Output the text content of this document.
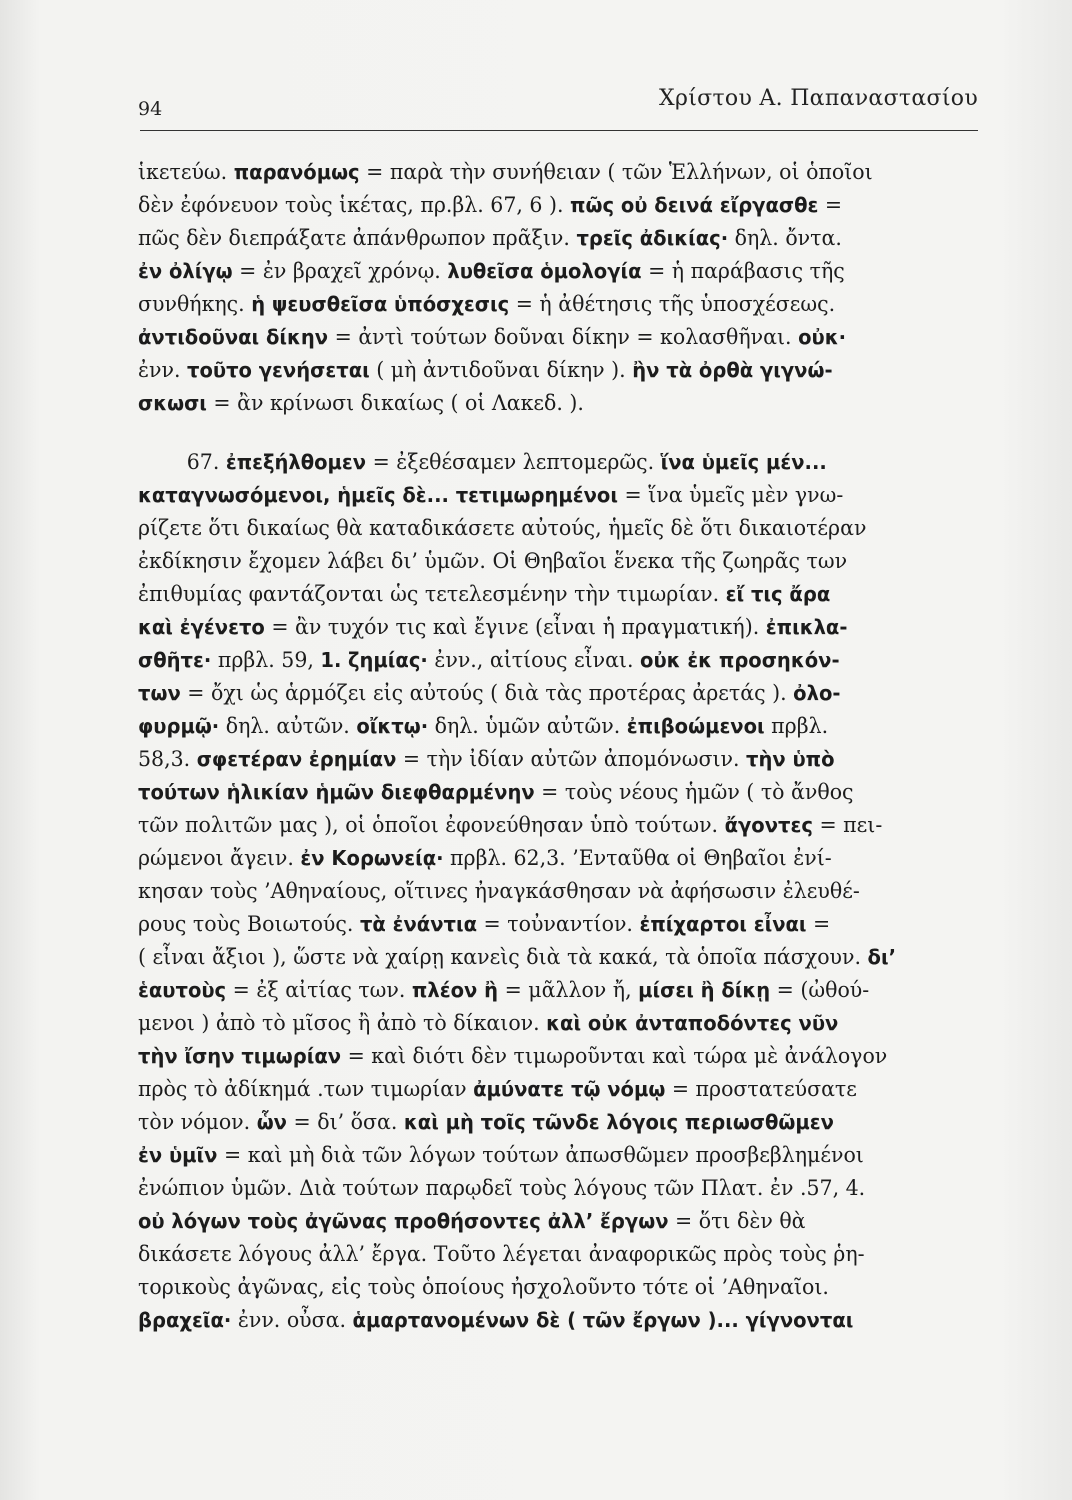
94	Χρίστου Α. Παπαναστασίου
ἱκετεύω. παρανόμως = παρὰ τὴν συνήθειαν ( τῶν Ἑλλήνων, οἱ ὁποῖοι
δὲν ἐφόνευον τοὺς ἱκέτας, πρ.βλ. 67, 6 ). πῶς οὐ δεινά εἴργασθε =
πῶς δὲν διεπράξατε ἀπάνθρωπον πρᾶξιν. τρεῖς ἀδικίας· δηλ. ὄντα.
ἐν ὀλίγῳ = ἐν βραχεῖ χρόνῳ. λυθεῖσα ὁμολογία = ἡ παράβασις τῆς
συνθήκης. ἡ ψευσθεῖσα ὑπόσχεσις = ἡ ἀθέτησις τῆς ὑποσχέσεως.
ἀντιδοῦναι δίκην = ἀντὶ τούτων δοῦναι δίκην = κολασθῆναι. οὐκ·
ἐνν. τοῦτο γενήσεται ( μὴ ἀντιδοῦναι δίκην ). ἢν τὰ ὀρθὰ γιγνώ-
σκωσι = ἂν κρίνωσι δικαίως ( οἱ Λακεδ. ).
67. ἐπεξήλθομεν = ἐξεθέσαμεν λεπτομερῶς. ἵνα ὑμεῖς μέν...
καταγνωσόμενοι, ἡμεῖς δὲ... τετιμωρημένοι = ἵνα ὑμεῖς μὲν γνω-
ρίζετε ὅτι δικαίως θὰ καταδικάσετε αὐτούς, ἡμεῖς δὲ ὅτι δικαιοτέραν
ἐκδίκησιν ἔχομεν λάβει δι’ ὑμῶν. Οἱ Θηβαῖοι ἕνεκα τῆς ζωηρᾶς των
ἐπιθυμίας φαντάζονται ὡς τετελεσμένην τὴν τιμωρίαν. εἴ τις ἄρα
καὶ ἐγένετο = ἂν τυχόν τις καὶ ἔγινε (εἶναι ἡ πραγματική). ἐπικλα-
σθῆτε· πρβλ. 59, 1. ζημίας· ἐνν., αἰτίους εἶναι. οὐκ ἐκ προσηκόν-
των = ὄχι ὡς ἁρμόζει εἰς αὐτούς ( διὰ τὰς προτέρας ἀρετάς ). ὀλο-
φυρμῷ· δηλ. αὐτῶν. οἴκτῳ· δηλ. ὑμῶν αὐτῶν. ἐπιβοώμενοι πρβλ.
58,3. σφετέραν ἐρημίαν = τὴν ἰδίαν αὐτῶν ἀπομόνωσιν. τὴν ὑπὸ
τούτων ἡλικίαν ἡμῶν διεφθαρμένην = τοὺς νέους ἡμῶν ( τὸ ἄνθος
τῶν πολιτῶν μας ), οἱ ὁποῖοι ἐφονεύθησαν ὑπὸ τούτων. ἄγοντες = πει-
ρώμενοι ἄγειν. ἐν Κορωνείᾳ· πρβλ. 62,3. ’Ενταῦθα οἱ Θηβαῖοι ἐνί-
κησαν τοὺς ’Αθηναίους, οἵτινες ἠναγκάσθησαν νὰ ἀφήσωσιν ἐλευθέ-
ρους τοὺς Βοιωτούς. τὰ ἐνάντια = τοὐναντίον. ἐπίχαρτοι εἶναι =
( εἶναι ἄξιοι ), ὥστε νὰ χαίρῃ κανεὶς διὰ τὰ κακά, τὰ ὁποῖα πάσχουν. δι’
ἑαυτοὺς = ἐξ αἰτίας των. πλέον ἢ = μᾶλλον ἤ, μίσει ἢ δίκῃ = (ὠθού-
μενοι ) ἀπὸ τὸ μῖσος ἢ ἀπὸ τὸ δίκαιον. καὶ οὐκ ἀνταποδόντες νῦν
τὴν ἴσην τιμωρίαν = καὶ διότι δὲν τιμωροῦνται καὶ τώρα μὲ ἀνάλογον
πρὸς τὸ ἀδίκημά .των τιμωρίαν ἀμύνατε τῷ νόμῳ = προστατεύσατε
τὸν νόμον. ὧν = δι’ ὅσα. καὶ μὴ τοῖς τῶνδε λόγοις περιωσθῶμεν
ἐν ὑμῖν = καὶ μὴ διὰ τῶν λόγων τούτων ἀπωσθῶμεν προσβεβλημένοι
ἐνώπιον ὑμῶν. Διὰ τούτων παρῳδεῖ τοὺς λόγους τῶν Πλατ. ἐν .57, 4.
οὐ λόγων τοὺς ἀγῶνας προθήσοντες ἀλλ’ ἔργων = ὅτι δὲν θὰ
δικάσετε λόγους ἀλλ’ ἔργα. Τοῦτο λέγεται ἀναφορικῶς πρὸς τοὺς ῥη-
τορικοὺς ἀγῶνας, εἰς τοὺς ὁποίους ἠσχολοῦντο τότε οἱ ’Αθηναῖοι.
βραχεῖα· ἐνν. οὖσα. ἁμαρτανομένων δὲ ( τῶν ἔργων )... γίγνονται
